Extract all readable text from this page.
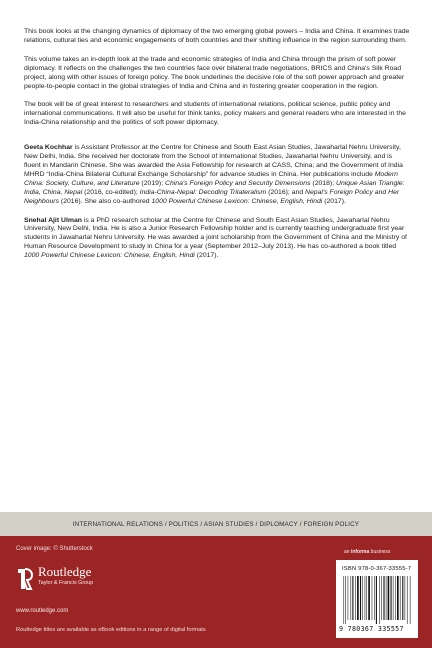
This book looks at the changing dynamics of diplomacy of the two emerging global powers – India and China. It examines trade relations, cultural ties and economic engagements of both countries and their shifting influence in the region surrounding them.

This volume takes an in-depth look at the trade and economic strategies of India and China through the prism of soft power diplomacy. It reflects on the challenges the two countries face over bilateral trade negotiations, BRICS and China's Silk Road project, along with other issues of foreign policy. The book underlines the decisive role of the soft power approach and greater people-to-people contact in the global strategies of India and China and in fostering greater cooperation in the region.

The book will be of great interest to researchers and students of international relations, political science, public policy and international communications. It will also be useful for think tanks, policy makers and general readers who are interested in the India-China relationship and the politics of soft power diplomacy.

Geeta Kochhar is Assistant Professor at the Centre for Chinese and South East Asian Studies, Jawaharlal Nehru University, New Delhi, India. She received her doctorate from the School of International Studies, Jawaharlal Nehru University, and is fluent in Mandarin Chinese. She was awarded the Asia Fellowship for research at CASS, China; and the Government of India MHRD “India-China Bilateral Cultural Exchange Scholarship” for advance studies in China. Her publications include Modern China: Society, Culture, and Literature (2019); China's Foreign Policy and Security Dimensions (2018); Unique Asian Triangle: India, China, Nepal (2016, co-edited); India-China-Nepal: Decoding Trilateralism (2016); and Nepal's Foreign Policy and Her Neighbours (2016). She also co-authored 1000 Powerful Chinese Lexicon: Chinese, English, Hindi (2017).

Snehal Ajit Ulman is a PhD research scholar at the Centre for Chinese and South East Asian Studies, Jawaharlal Nehru University, New Delhi, India. He is also a Junior Research Fellowship holder and is currently teaching undergraduate first year students in Jawaharlal Nehru University. He was awarded a joint scholarship from the Government of China and the Ministry of Human Resource Development to study in China for a year (September 2012–July 2013). He has co-authored a book titled 1000 Powerful Chinese Lexicon: Chinese, English, Hindi (2017).

INTERNATIONAL RELATIONS / POLITICS / ASIAN STUDIES / DIPLOMACY / FOREIGN POLICY
Cover image: © Shutterstock
Routledge
Taylor & Francis Group
www.routledge.com
Routledge titles are available as eBook editions in a range of digital formats
an informa business
ISBN 978-0-367-33555-7
9 780367 335557
